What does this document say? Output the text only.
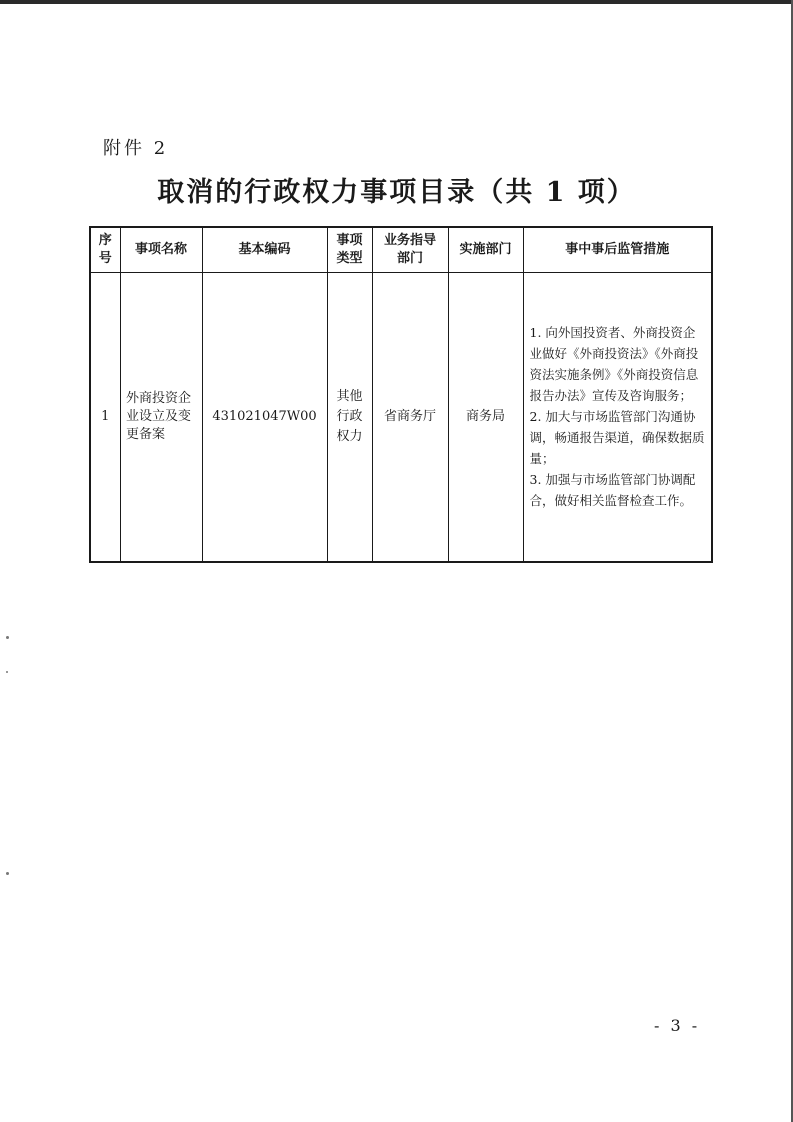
附件 2
取消的行政权力事项目录（共 1 项）
序号	事项名称	基本编码	事项类型	业务指导部门	实施部门	事中事后监管措施
1	外商投资企业设立及变更备案	431021047W00	其他行政权力	省商务厅	商务局	1. 向外国投资者、外商投资企业做好《外商投资法》《外商投资法实施条例》《外商投资信息报告办法》宣传及咨询服务；

2. 加大与市场监管部门沟通协调，畅通报告渠道，确保数据质量；

3. 加强与市场监管部门协调配合，做好相关监督检查工作。

- 3 -
